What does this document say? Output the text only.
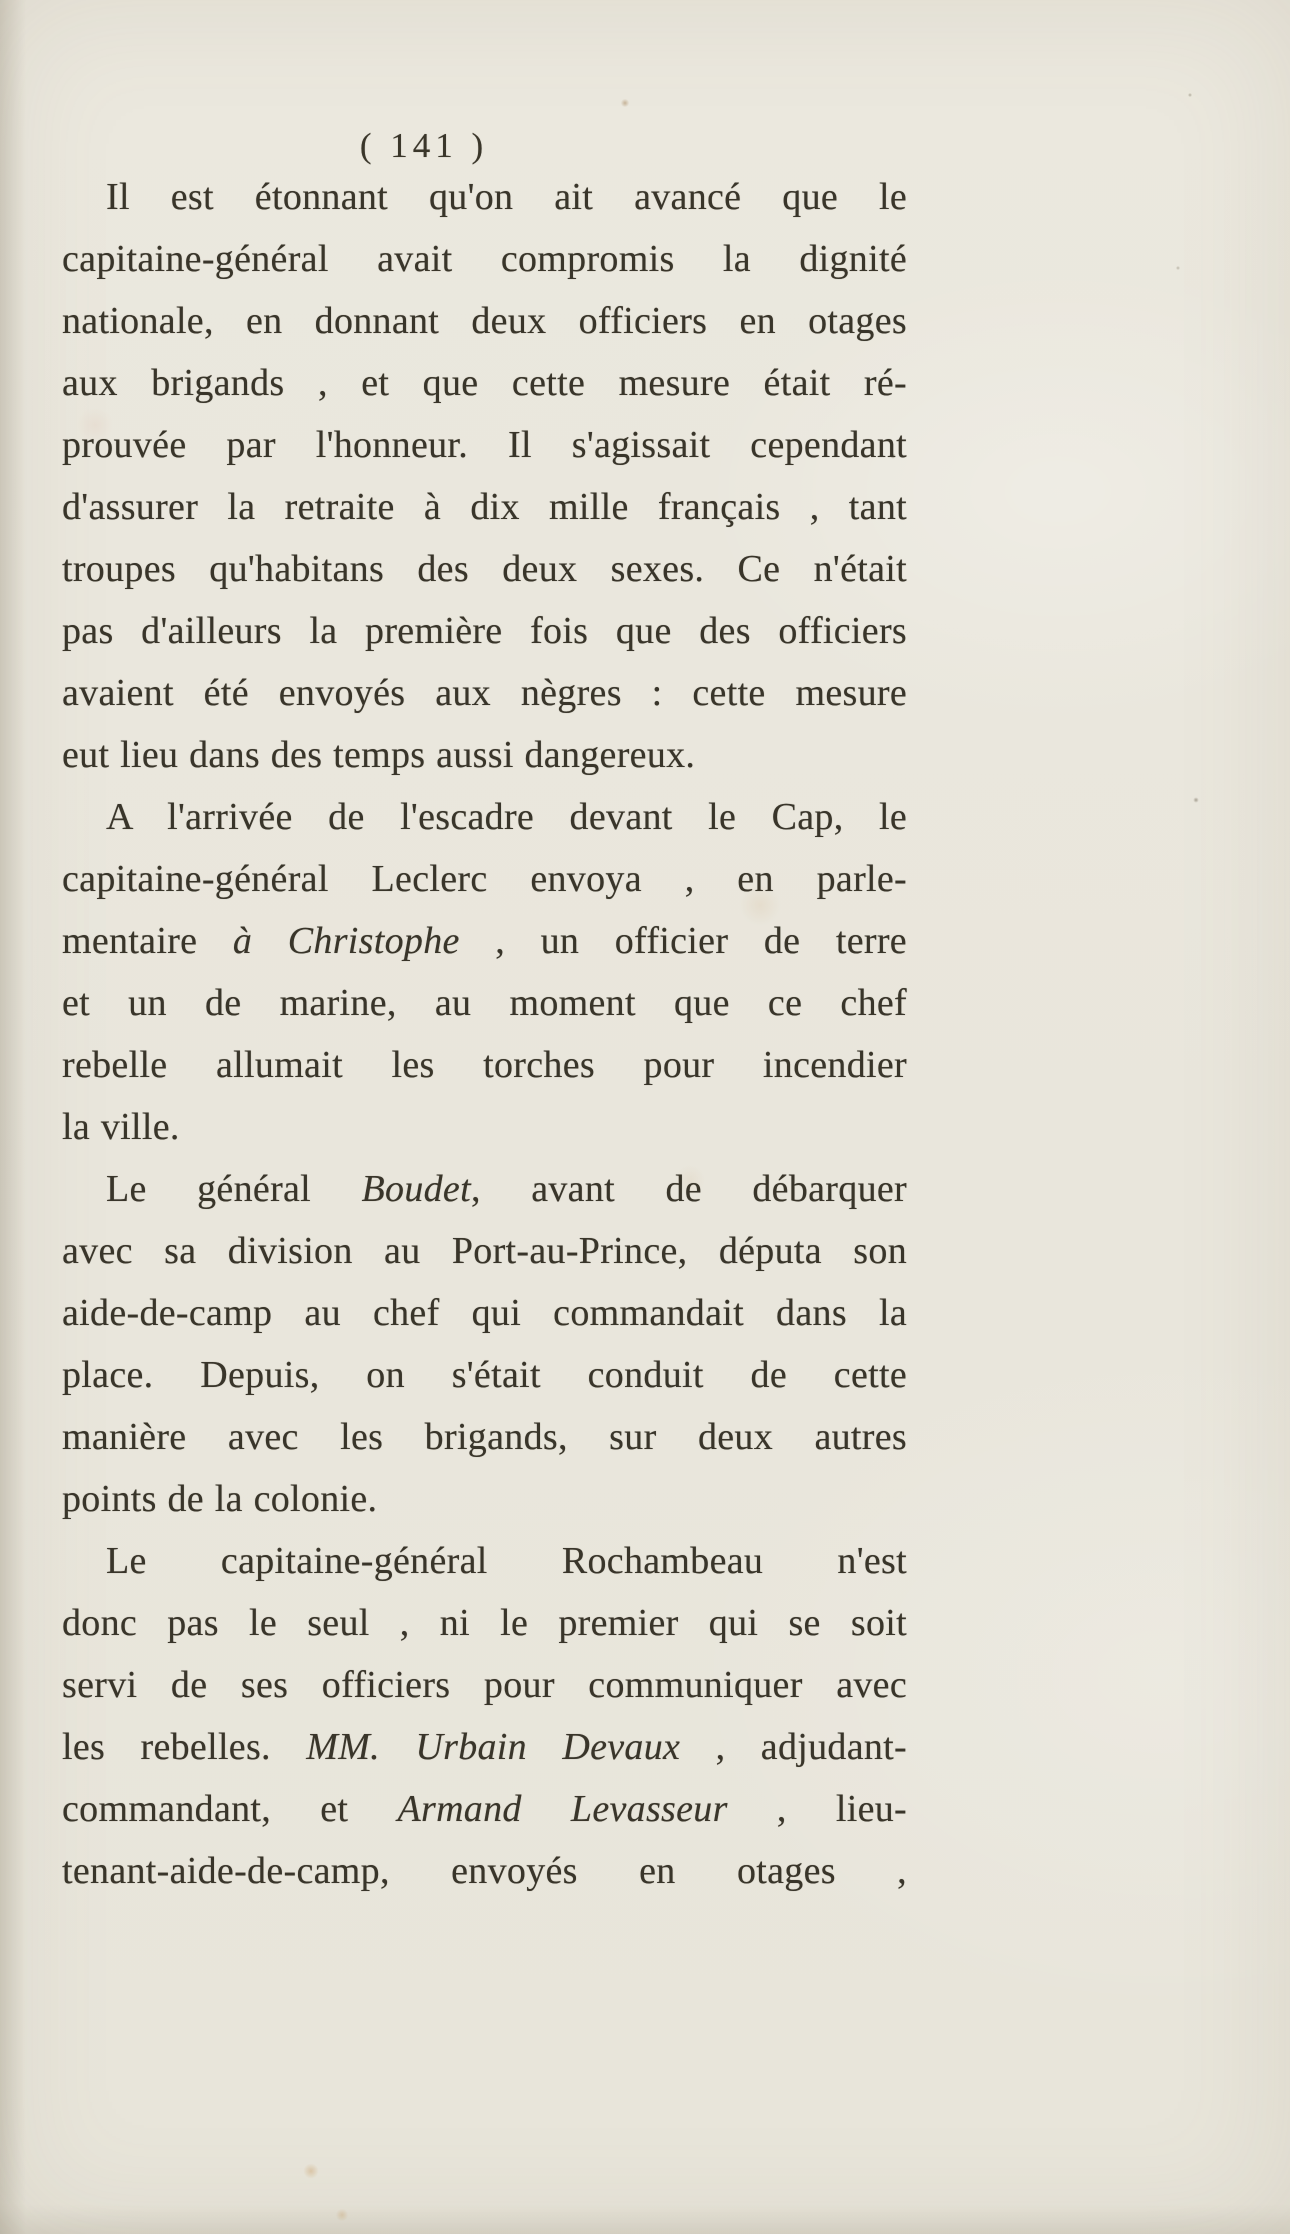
( 141 )
Il est étonnant qu'on ait avancé que le
capitaine-général avait compromis la dignité
nationale, en donnant deux officiers en otages
aux brigands , et que cette mesure était ré-
prouvée par l'honneur. Il s'agissait cependant
d'assurer la retraite à dix mille français , tant
troupes qu'habitans des deux sexes. Ce n'était
pas d'ailleurs la première fois que des officiers
avaient été envoyés aux nègres : cette mesure
eut lieu dans des temps aussi dangereux.
A l'arrivée de l'escadre devant le Cap, le
capitaine-général Leclerc envoya , en parle-
mentaire à Christophe , un officier de terre
et un de marine, au moment que ce chef
rebelle allumait les torches pour incendier
la ville.
Le général Boudet, avant de débarquer
avec sa division au Port-au-Prince, députa son
aide-de-camp au chef qui commandait dans la
place. Depuis, on s'était conduit de cette
manière avec les brigands, sur deux autres
points de la colonie.
Le capitaine-général Rochambeau n'est
donc pas le seul , ni le premier qui se soit
servi de ses officiers pour communiquer avec
les rebelles. MM. Urbain Devaux , adjudant-
commandant, et Armand Levasseur , lieu-
tenant-aide-de-camp, envoyés en otages ,
